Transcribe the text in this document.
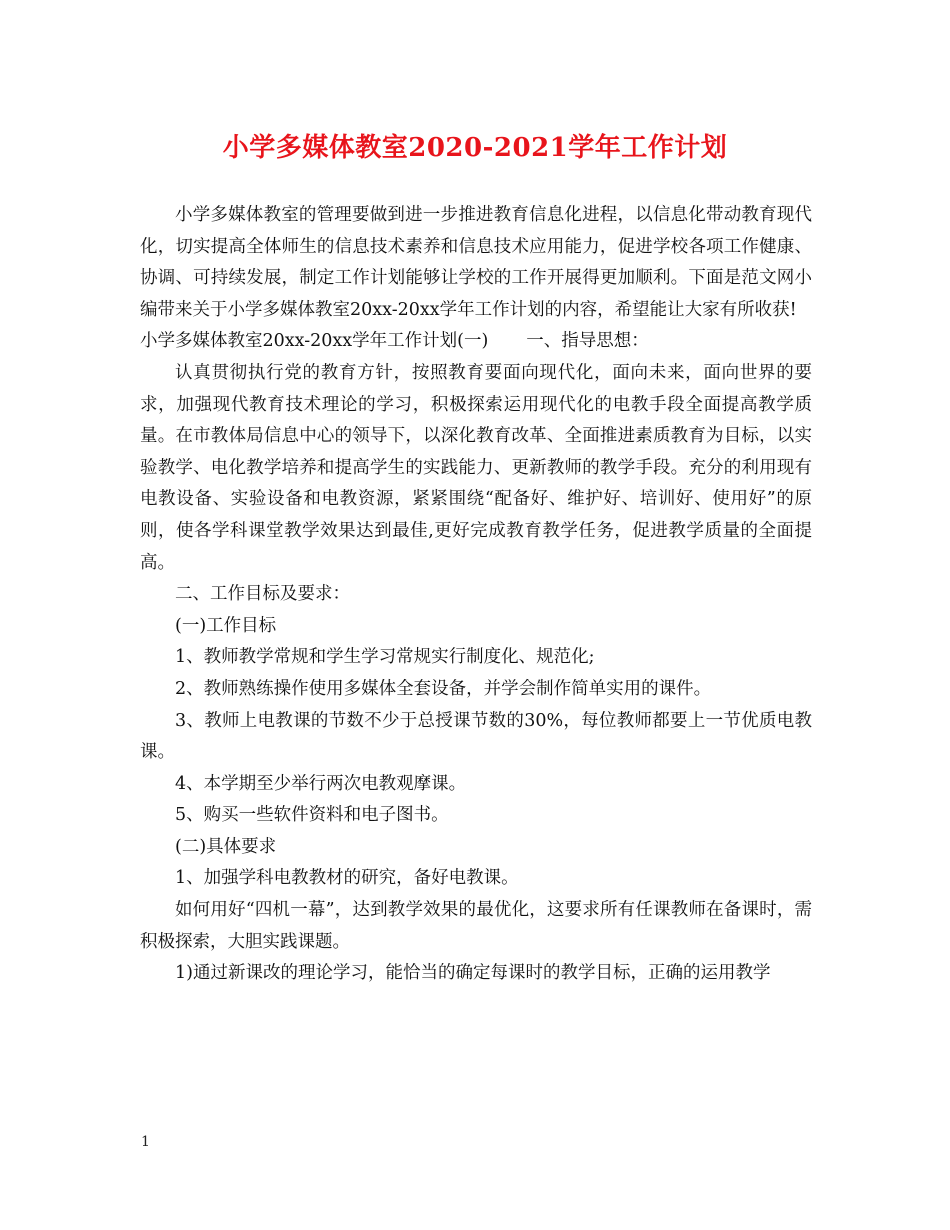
小学多媒体教室2020-2021学年工作计划

小学多媒体教室的管理要做到进一步推进教育信息化进程，以信息化带动教育现代化，切实提高全体师生的信息技术素养和信息技术应用能力，促进学校各项工作健康、协调、可持续发展，制定工作计划能够让学校的工作开展得更加顺利。下面是范文网小编带来关于小学多媒体教室20xx-20xx学年工作计划的内容，希望能让大家有所收获!

小学多媒体教室20xx-20xx学年工作计划(一) 一、指导思想：

认真贯彻执行党的教育方针，按照教育要面向现代化，面向未来，面向世界的要求，加强现代教育技术理论的学习，积极探索运用现代化的电教手段全面提高教学质量。在市教体局信息中心的领导下，以深化教育改革、全面推进素质教育为目标，以实验教学、电化教学培养和提高学生的实践能力、更新教师的教学手段。充分的利用现有电教设备、实验设备和电教资源，紧紧围绕“配备好、维护好、培训好、使用好”的原则，使各学科课堂教学效果达到最佳,更好完成教育教学任务，促进教学质量的全面提高。

二、工作目标及要求：

(一)工作目标

1、教师教学常规和学生学习常规实行制度化、规范化;

2、教师熟练操作使用多媒体全套设备，并学会制作简单实用的课件。

3、教师上电教课的节数不少于总授课节数的30%，每位教师都要上一节优质电教课。

4、本学期至少举行两次电教观摩课。

5、购买一些软件资料和电子图书。

(二)具体要求

1、加强学科电教教材的研究，备好电教课。

如何用好“四机一幕”，达到教学效果的最优化，这要求所有任课教师在备课时，需积极探索，大胆实践课题。

1)通过新课改的理论学习，能恰当的确定每课时的教学目标，正确的运用教学

1
